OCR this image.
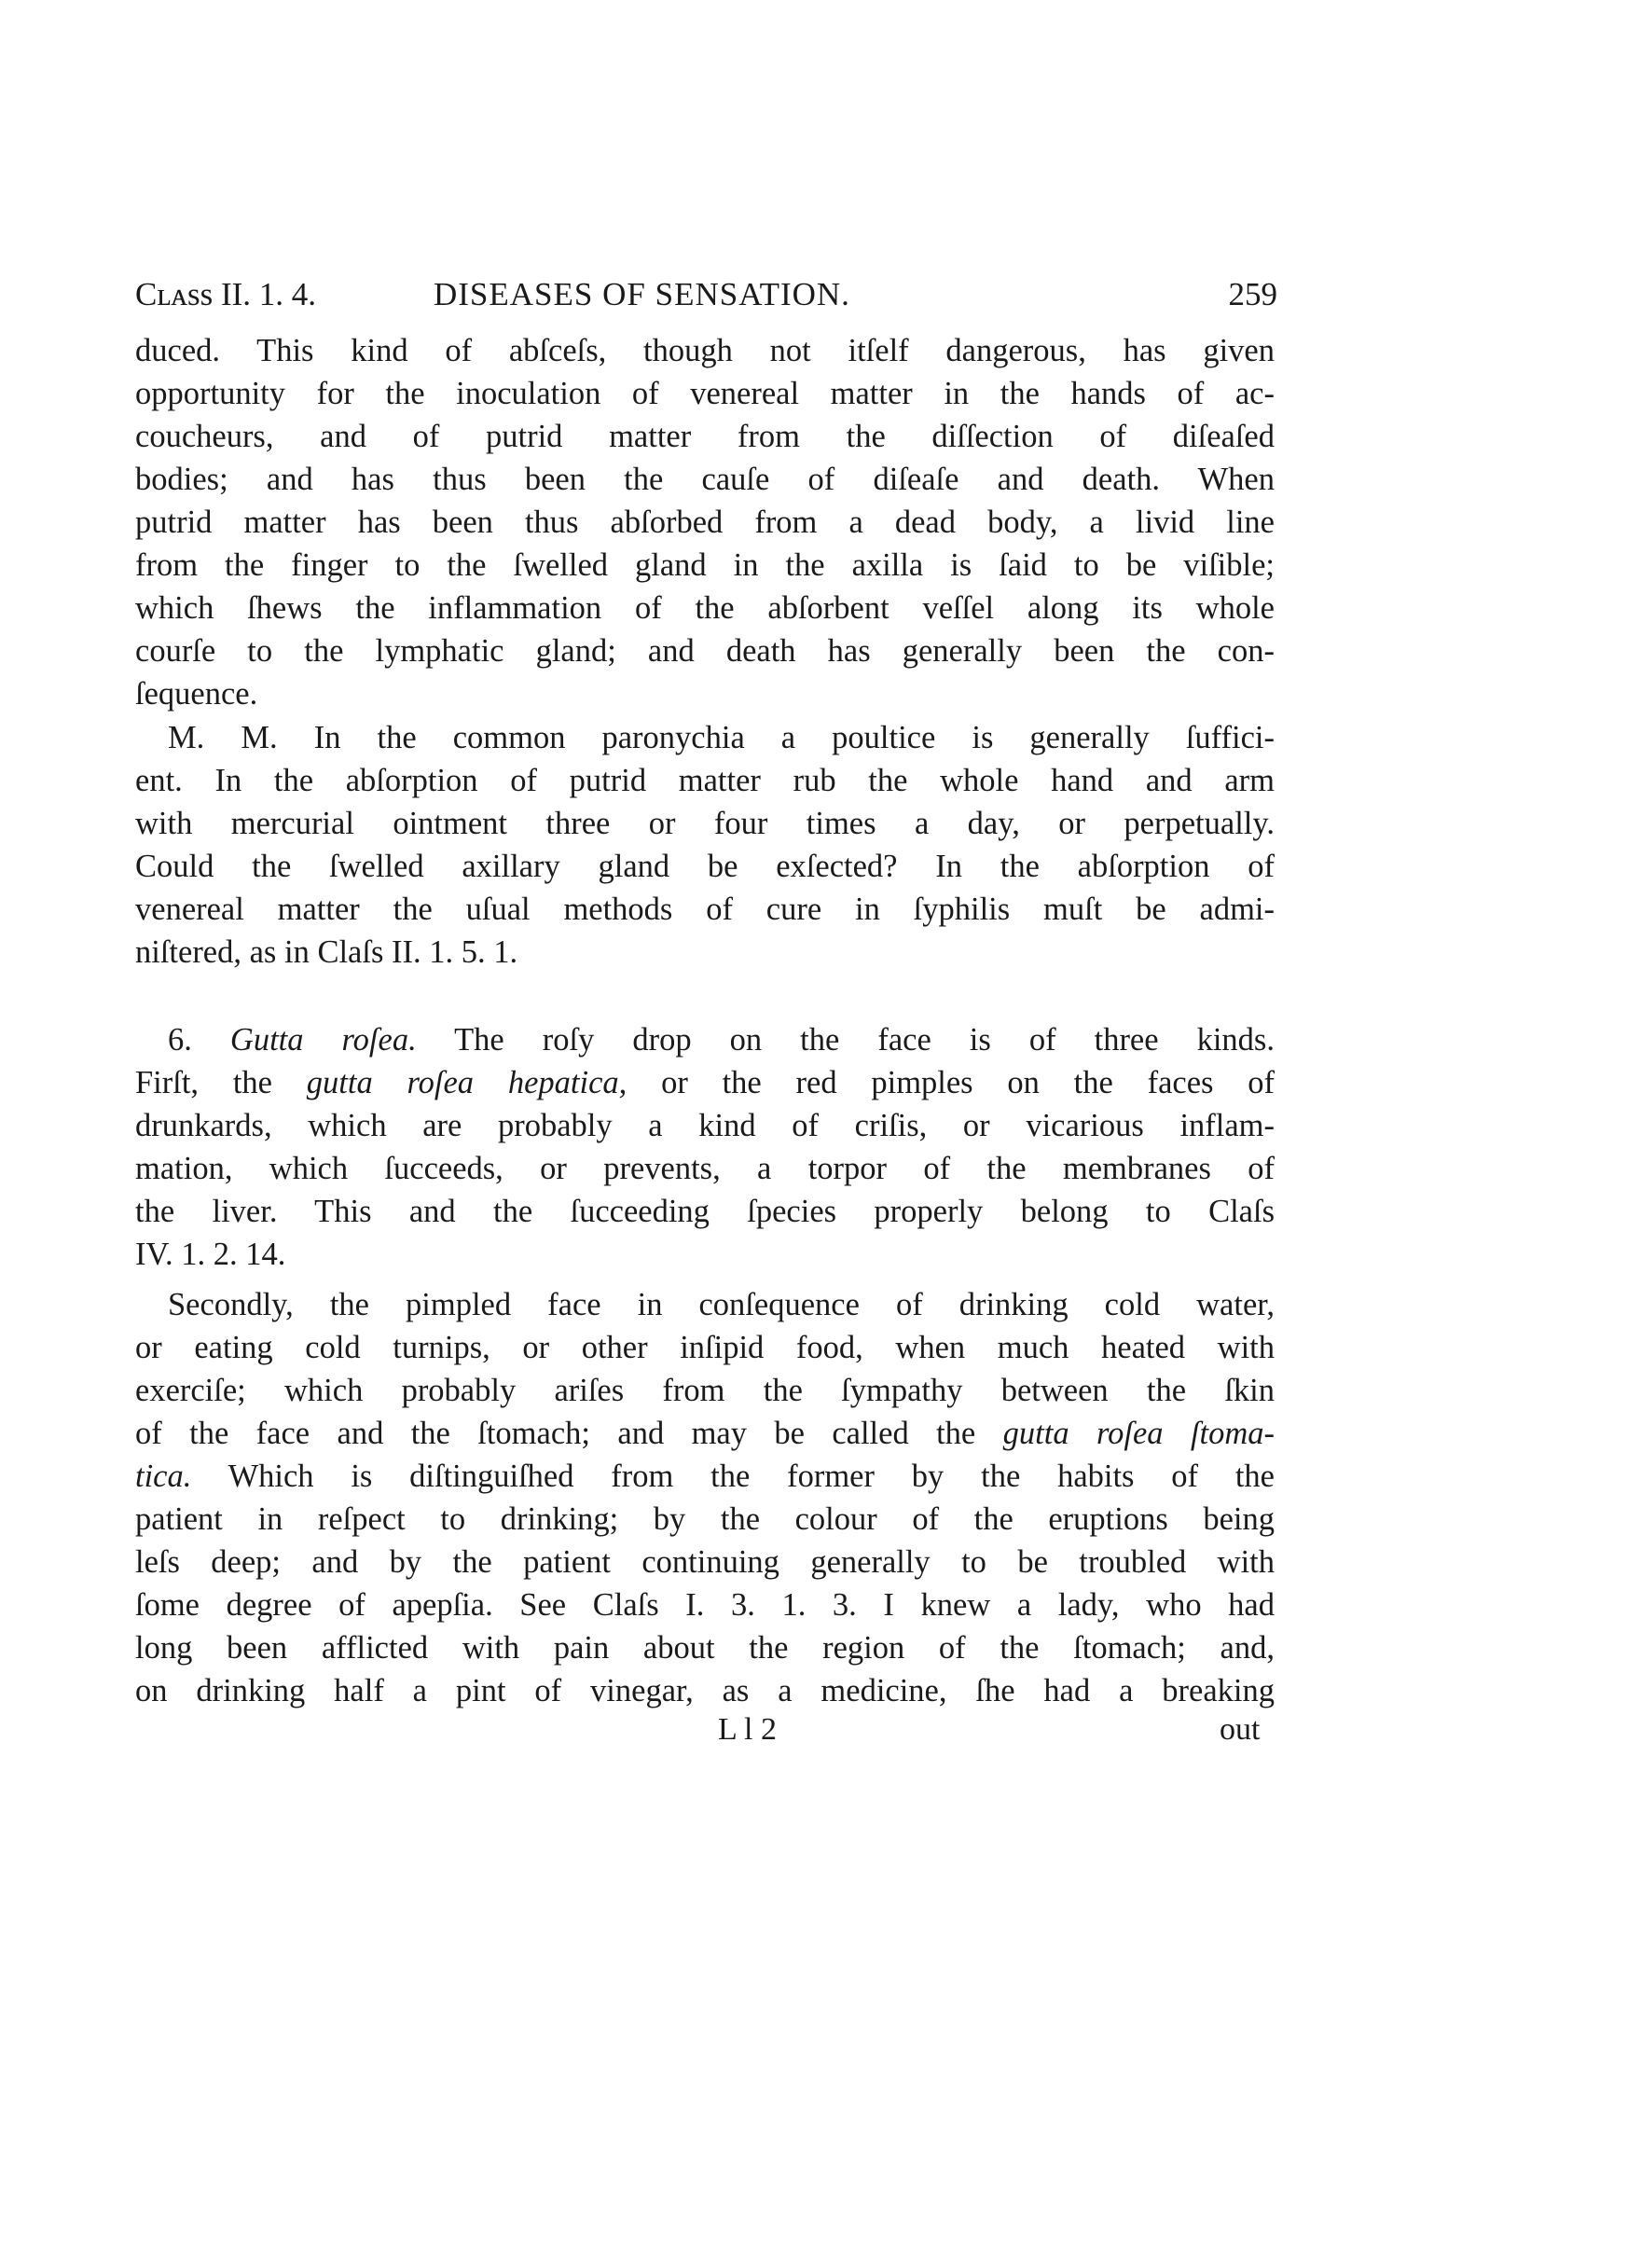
Cʟᴀss II. 1. 4.	DISEASES OF SENSATION.	259
duced. This kind of abſceſs, though not itſelf dangerous, has given
opportunity for the inoculation of venereal matter in the hands of ac-
coucheurs, and of putrid matter from the diſſection of diſeaſed
bodies; and has thus been the cauſe of diſeaſe and death. When
putrid matter has been thus abſorbed from a dead body, a livid line
from the finger to the ſwelled gland in the axilla is ſaid to be viſible;
which ſhews the inflammation of the abſorbent veſſel along its whole
courſe to the lymphatic gland; and death has generally been the con-
ſequence.
M. M. In the common paronychia a poultice is generally ſuffici-
ent. In the abſorption of putrid matter rub the whole hand and arm
with mercurial ointment three or four times a day, or perpetually.
Could the ſwelled axillary gland be exſected? In the abſorption of
venereal matter the uſual methods of cure in ſyphilis muſt be admi-
niſtered, as in Claſs II. 1. 5. 1.
6. Gutta roſea. The roſy drop on the face is of three kinds.
Firſt, the gutta roſea hepatica, or the red pimples on the faces of
drunkards, which are probably a kind of criſis, or vicarious inflam-
mation, which ſucceeds, or prevents, a torpor of the membranes of
the liver. This and the ſucceeding ſpecies properly belong to Claſs
IV. 1. 2. 14.
Secondly, the pimpled face in conſequence of drinking cold water,
or eating cold turnips, or other inſipid food, when much heated with
exerciſe; which probably ariſes from the ſympathy between the ſkin
of the face and the ſtomach; and may be called the gutta roſea ſtoma-
tica. Which is diſtinguiſhed from the former by the habits of the
patient in reſpect to drinking; by the colour of the eruptions being
leſs deep; and by the patient continuing generally to be troubled with
ſome degree of apepſia. See Claſs I. 3. 1. 3. I knew a lady, who had
long been afflicted with pain about the region of the ſtomach; and,
on drinking half a pint of vinegar, as a medicine, ſhe had a breaking
L l 2	out
